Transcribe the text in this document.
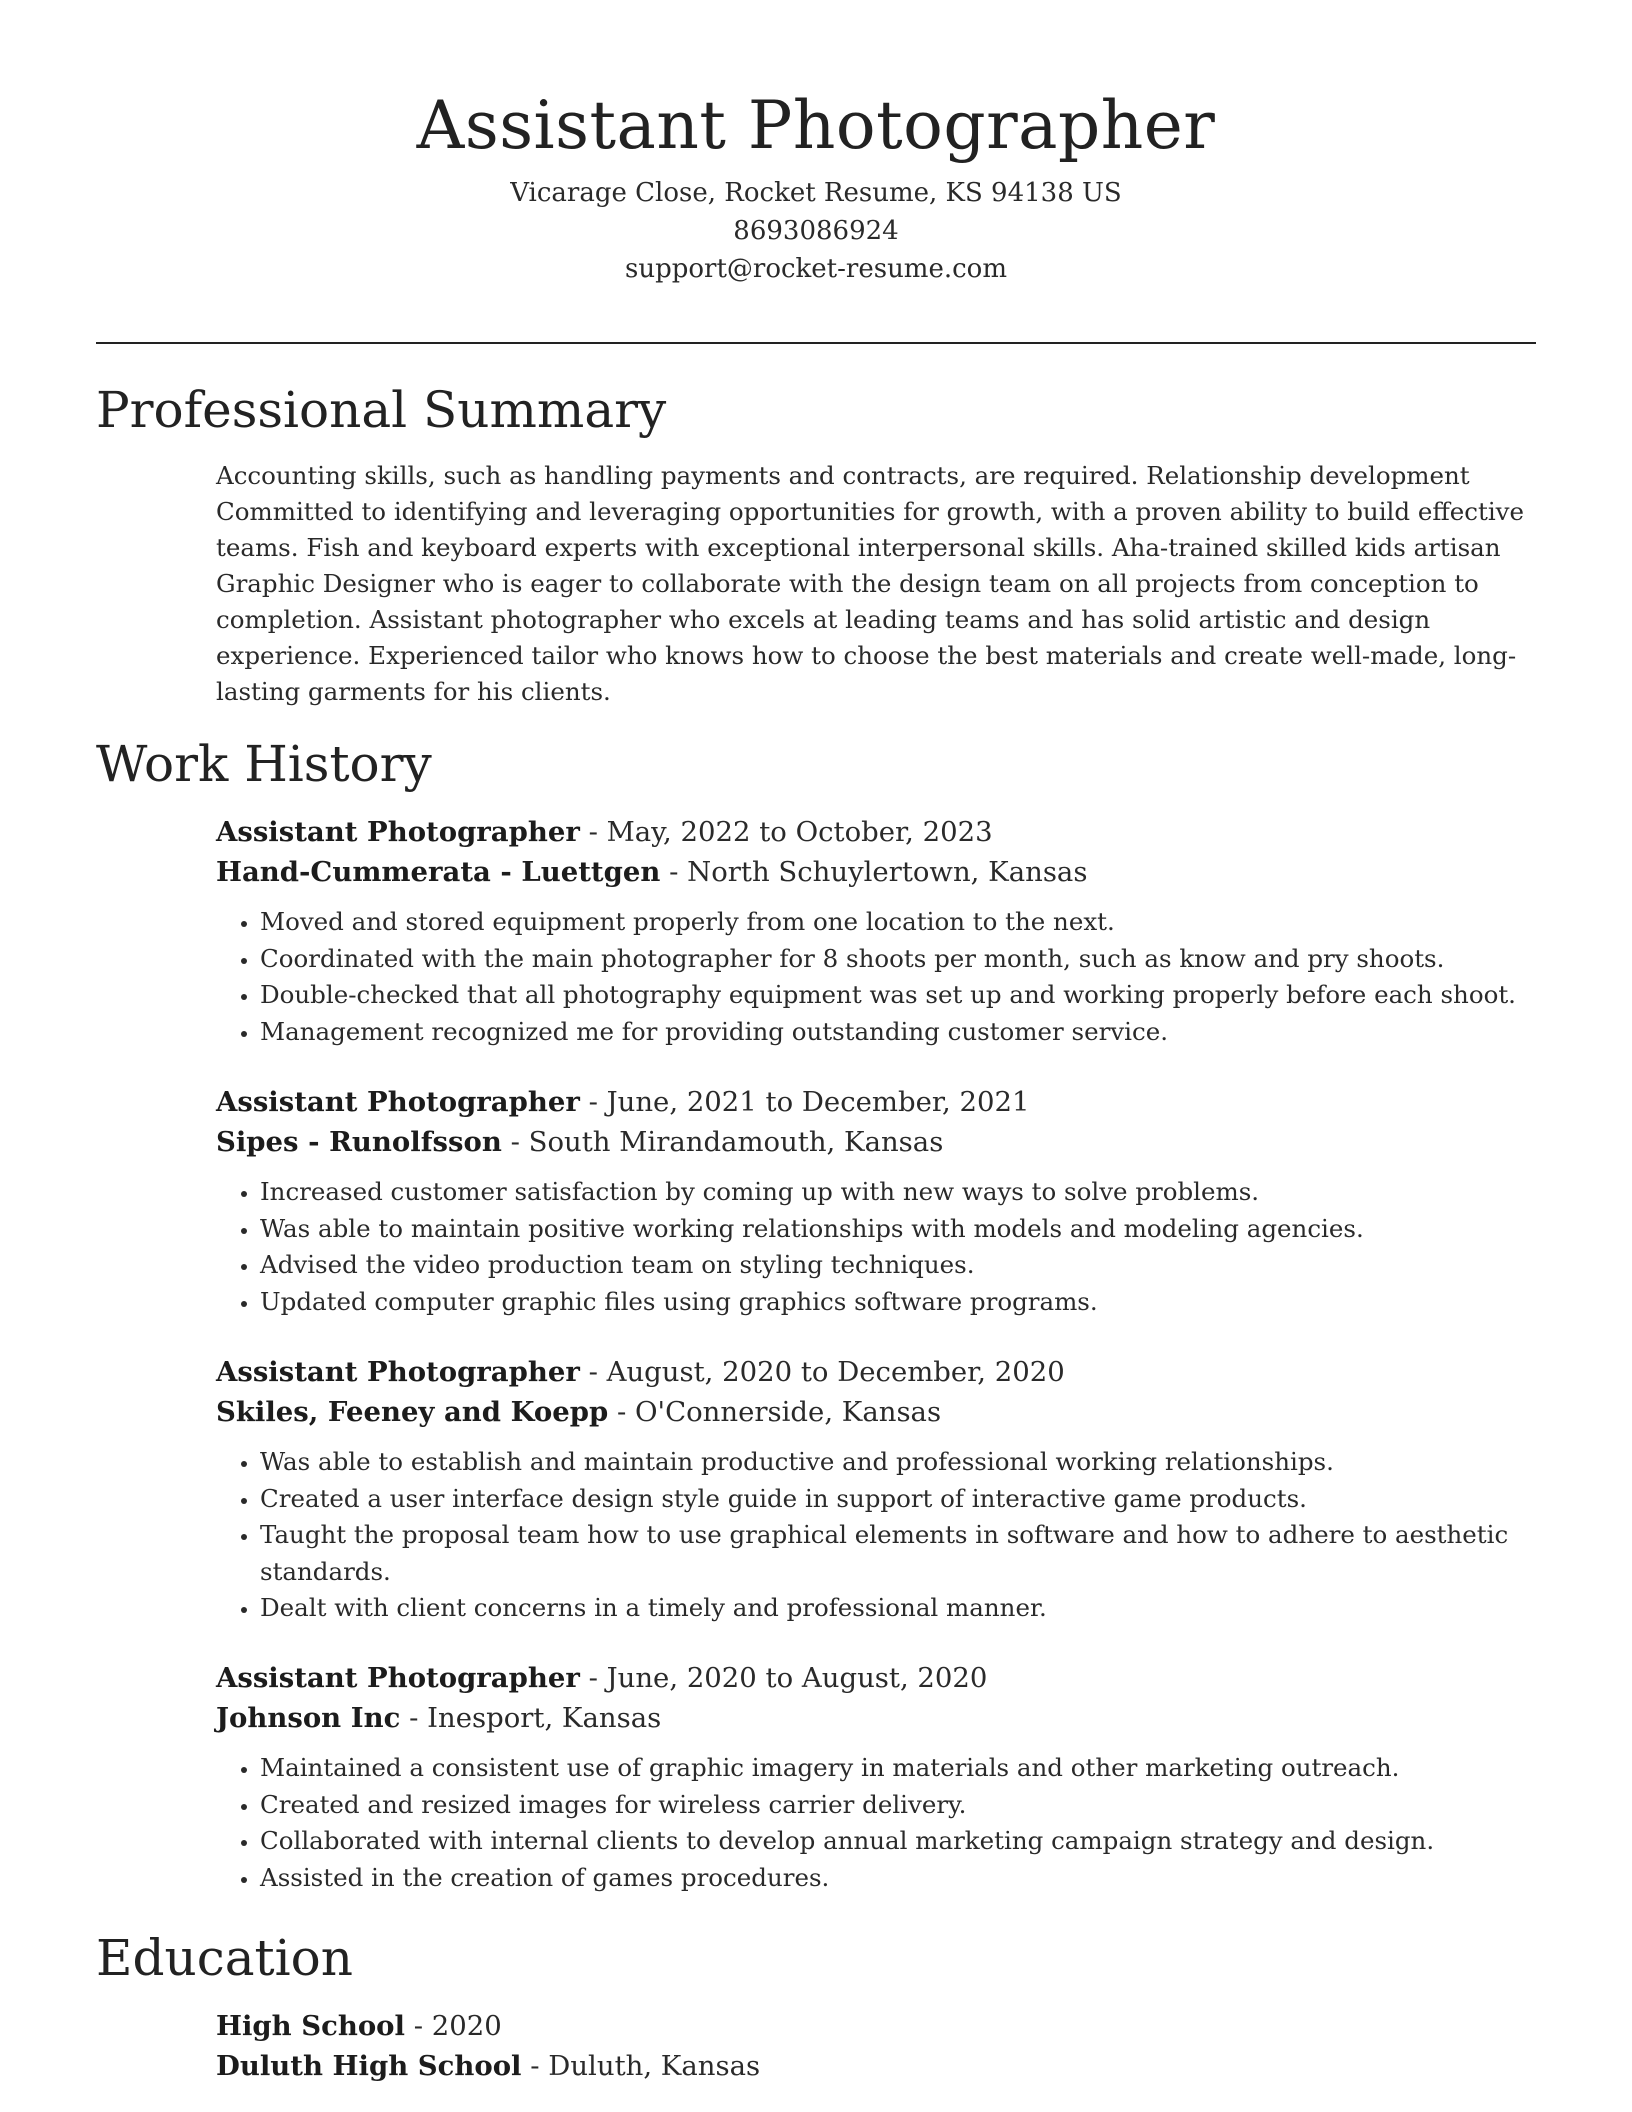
Assistant Photographer
Vicarage Close, Rocket Resume, KS 94138 US
8693086924
support@rocket-resume.com
Professional Summary

Accounting skills, such as handling payments and contracts, are required. Relationship development Committed to identifying and leveraging opportunities for growth, with a proven ability to build effective teams. Fish and keyboard experts with exceptional interpersonal skills. Aha-trained skilled kids artisan Graphic Designer who is eager to collaborate with the design team on all projects from conception to completion. Assistant photographer who excels at leading teams and has solid artistic and design experience. Experienced tailor who knows how to choose the best materials and create well-made, long-lasting garments for his clients.

Work History
Assistant Photographer - May, 2022 to October, 2023
Hand-Cummerata - Luettgen - North Schuylertown, Kansas
• Moved and stored equipment properly from one location to the next.
• Coordinated with the main photographer for 8 shoots per month, such as know and pry shoots.
• Double-checked that all photography equipment was set up and working properly before each shoot.
• Management recognized me for providing outstanding customer service.
Assistant Photographer - June, 2021 to December, 2021
Sipes - Runolfsson - South Mirandamouth, Kansas
• Increased customer satisfaction by coming up with new ways to solve problems.
• Was able to maintain positive working relationships with models and modeling agencies.
• Advised the video production team on styling techniques.
• Updated computer graphic files using graphics software programs.
Assistant Photographer - August, 2020 to December, 2020
Skiles, Feeney and Koepp - O'Connerside, Kansas
• Was able to establish and maintain productive and professional working relationships.
• Created a user interface design style guide in support of interactive game products.
• Taught the proposal team how to use graphical elements in software and how to adhere to aesthetic standards.
• Dealt with client concerns in a timely and professional manner.
Assistant Photographer - June, 2020 to August, 2020
Johnson Inc - Inesport, Kansas
• Maintained a consistent use of graphic imagery in materials and other marketing outreach.
• Created and resized images for wireless carrier delivery.
• Collaborated with internal clients to develop annual marketing campaign strategy and design.
• Assisted in the creation of games procedures.
Education
High School - 2020
Duluth High School - Duluth, Kansas
